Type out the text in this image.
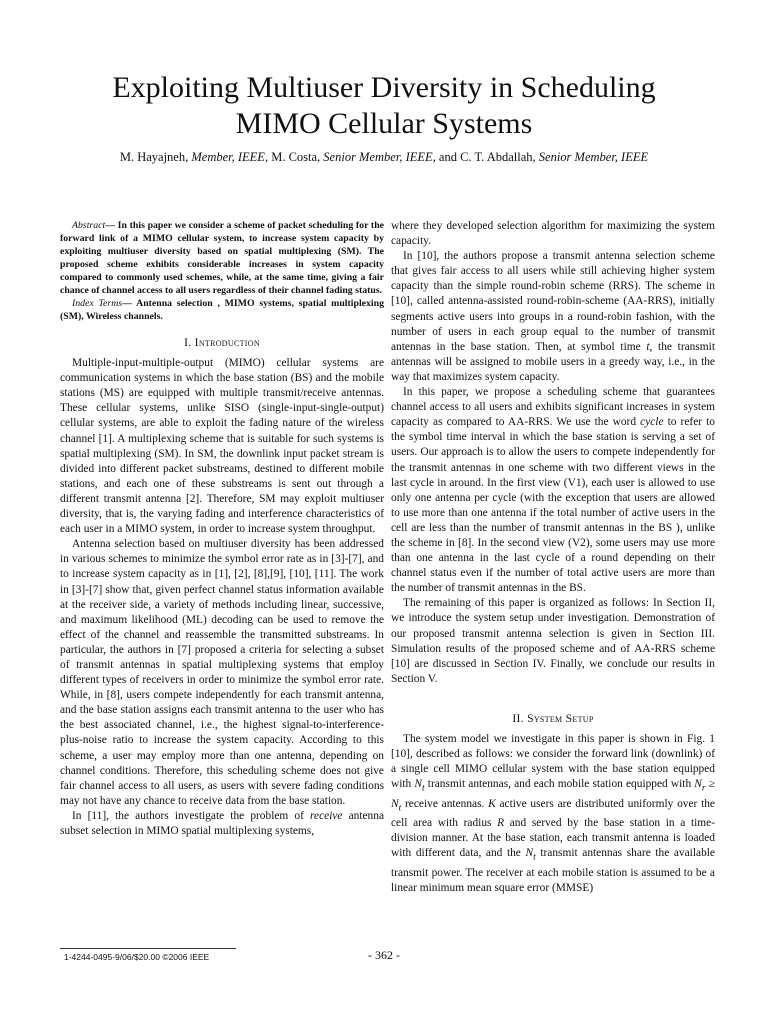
Exploiting Multiuser Diversity in Scheduling
MIMO Cellular Systems
M. Hayajneh, Member, IEEE, M. Costa, Senior Member, IEEE, and C. T. Abdallah, Senior Member, IEEE

Abstract— In this paper we consider a scheme of packet scheduling for the forward link of a MIMO cellular system, to increase system capacity by exploiting multiuser diversity based on spatial multiplexing (SM). The proposed scheme exhibits considerable increases in system capacity compared to commonly used schemes, while, at the same time, giving a fair chance of channel access to all users regardless of their channel fading status.

Index Terms— Antenna selection , MIMO systems, spatial multiplexing (SM), Wireless channels.

I. Introduction

Multiple-input-multiple-output (MIMO) cellular systems are communication systems in which the base station (BS) and the mobile stations (MS) are equipped with multiple transmit/receive antennas. These cellular systems, unlike SISO (single-input-single-output) cellular systems, are able to exploit the fading nature of the wireless channel [1]. A multiplexing scheme that is suitable for such systems is spatial multiplexing (SM). In SM, the downlink input packet stream is divided into different packet substreams, destined to different mobile stations, and each one of these substreams is sent out through a different transmit antenna [2]. Therefore, SM may exploit multiuser diversity, that is, the varying fading and interference characteristics of each user in a MIMO system, in order to increase system throughput.

Antenna selection based on multiuser diversity has been addressed in various schemes to minimize the symbol error rate as in [3]-[7], and to increase system capacity as in [1], [2], [8],[9], [10], [11]. The work in [3]-[7] show that, given perfect channel status information available at the receiver side, a variety of methods including linear, successive, and maximum likelihood (ML) decoding can be used to remove the effect of the channel and reassemble the transmitted substreams. In particular, the authors in [7] proposed a criteria for selecting a subset of transmit antennas in spatial multiplexing systems that employ different types of receivers in order to minimize the symbol error rate. While, in [8], users compete independently for each transmit antenna, and the base station assigns each transmit antenna to the user who has the best associated channel, i.e., the highest signal-to-interference-plus-noise ratio to increase the system capacity. According to this scheme, a user may employ more than one antenna, depending on channel conditions. Therefore, this scheduling scheme does not give fair channel access to all users, as users with severe fading conditions may not have any chance to receive data from the base station.

In [11], the authors investigate the problem of receive antenna subset selection in MIMO spatial multiplexing systems,

where they developed selection algorithm for maximizing the system capacity.

In [10], the authors propose a transmit antenna selection scheme that gives fair access to all users while still achieving higher system capacity than the simple round-robin scheme (RRS). The scheme in [10], called antenna-assisted round-robin-scheme (AA-RRS), initially segments active users into groups in a round-robin fashion, with the number of users in each group equal to the number of transmit antennas in the base station. Then, at symbol time t, the transmit antennas will be assigned to mobile users in a greedy way, i.e., in the way that maximizes system capacity.

In this paper, we propose a scheduling scheme that guarantees channel access to all users and exhibits significant increases in system capacity as compared to AA-RRS. We use the word cycle to refer to the symbol time interval in which the base station is serving a set of users. Our approach is to allow the users to compete independently for the transmit antennas in one scheme with two different views in the last cycle in around. In the first view (V1), each user is allowed to use only one antenna per cycle (with the exception that users are allowed to use more than one antenna if the total number of active users in the cell are less than the number of transmit antennas in the BS ), unlike the scheme in [8]. In the second view (V2), some users may use more than one antenna in the last cycle of a round depending on their channel status even if the number of total active users are more than the number of transmit antennas in the BS.

The remaining of this paper is organized as follows: In Section II, we introduce the system setup under investigation. Demonstration of our proposed transmit antenna selection is given in Section III. Simulation results of the proposed scheme and of AA-RRS scheme [10] are discussed in Section IV. Finally, we conclude our results in Section V.

II. System Setup

The system model we investigate in this paper is shown in Fig. 1 [10], described as follows: we consider the forward link (downlink) of a single cell MIMO cellular system with the base station equipped with $N_t$ transmit antennas, and each mobile station equipped with $N_r \ge N_t$ receive antennas. K active users are distributed uniformly over the cell area with radius R and served by the base station in a time-division manner. At the base station, each transmit antenna is loaded with different data, and the $N_t$ transmit antennas share the available transmit power. The receiver at each mobile station is assumed to be a linear minimum mean square error (MMSE)

1-4244-0495-9/06/$20.00 ©2006 IEEE	- 362 -
